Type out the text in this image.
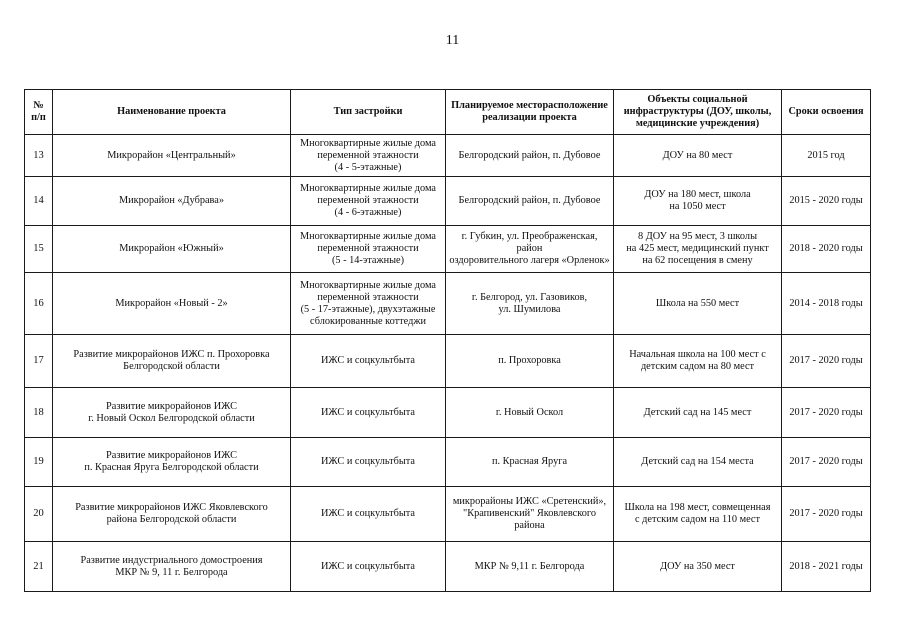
11
№ п/п	Наименование проекта	Тип застройки	Планируемое месторасположение реализации проекта	Объекты социальной инфраструктуры (ДОУ, школы, медицинские учреждения)	Сроки освоения
13	Микрорайон «Центральный»	Многоквартирные жилые дома
переменной этажности
(4 - 5-этажные)	Белгородский район, п. Дубовое	ДОУ на 80 мест	2015 год
14	Микрорайон «Дубрава»	Многоквартирные жилые дома
переменной этажности
(4 - 6-этажные)	Белгородский район, п. Дубовое	ДОУ на 180 мест, школа
на 1050 мест	2015 - 2020 годы
15	Микрорайон «Южный»	Многоквартирные жилые дома
переменной этажности
(5 - 14-этажные)	г. Губкин, ул. Преображенская, район
оздоровительного лагеря «Орленок»	8 ДОУ на 95 мест, 3 школы
на 425 мест, медицинский пункт
на 62 посещения в смену	2018 - 2020 годы
16	Микрорайон «Новый - 2»	Многоквартирные жилые дома
переменной этажности
(5 - 17-этажные), двухэтажные
сблокированные коттеджи	г. Белгород, ул. Газовиков,
ул. Шумилова	Школа на 550 мест	2014 - 2018 годы
17	Развитие микрорайонов ИЖС п. Прохоровка
Белгородской области	ИЖС и соцкультбыта	п. Прохоровка	Начальная школа на 100 мест с
детским садом на 80 мест	2017 - 2020 годы
18	Развитие микрорайонов ИЖС
г. Новый Оскол Белгородской области	ИЖС и соцкультбыта	г. Новый Оскол	Детский сад на 145 мест	2017 - 2020 годы
19	Развитие микрорайонов ИЖС
п. Красная Яруга Белгородской области	ИЖС и соцкультбыта	п. Красная Яруга	Детский сад на 154 места	2017 - 2020 годы
20	Развитие микрорайонов ИЖС Яковлевского
района Белгородской области	ИЖС и соцкультбыта	микрорайоны ИЖС «Сретенский»,
"Крапивенский" Яковлевского района	Школа на 198 мест, совмещенная
с детским садом на 110 мест	2017 - 2020 годы
21	Развитие индустриального домостроения
МКР № 9, 11 г. Белгорода	ИЖС и соцкультбыта	МКР № 9,11 г. Белгорода	ДОУ на 350 мест	2018 - 2021 годы
